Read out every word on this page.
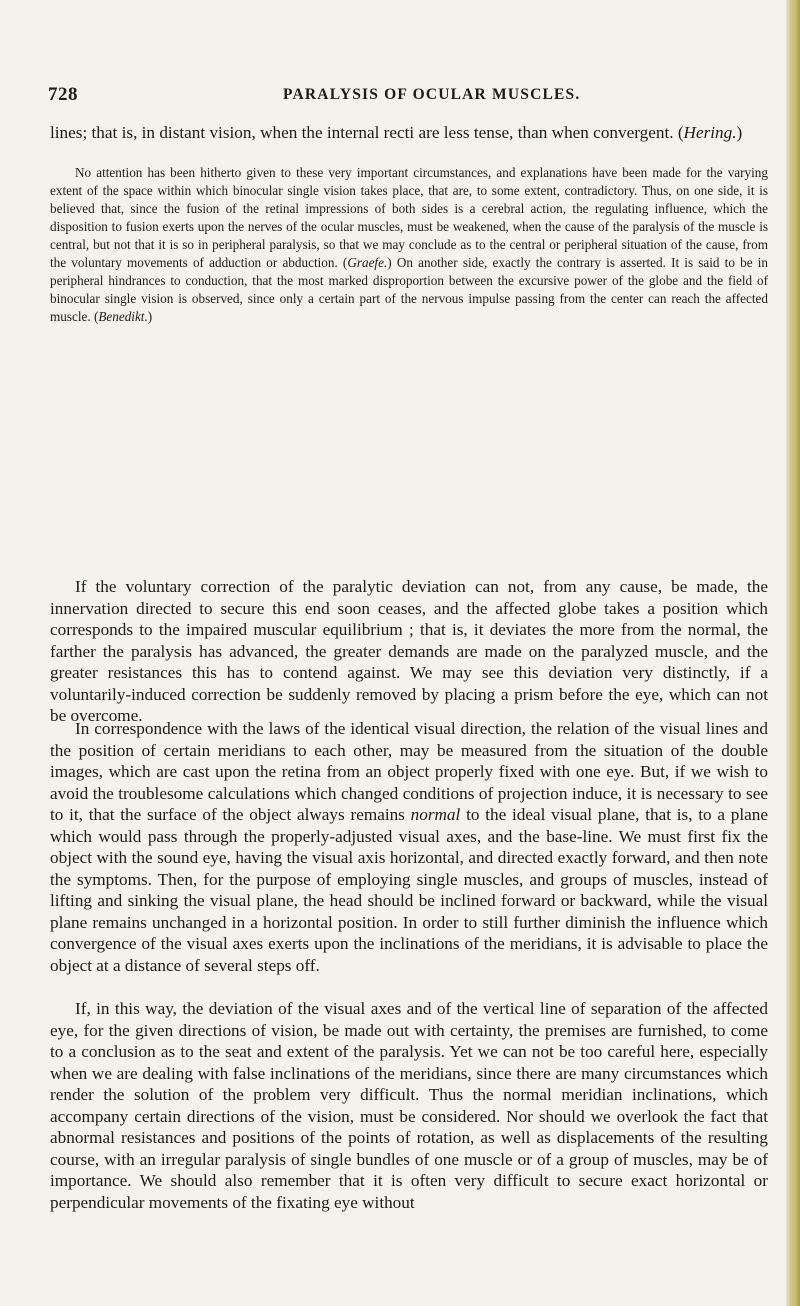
728	PARALYSIS OF OCULAR MUSCLES.

lines; that is, in distant vision, when the internal recti are less tense, than when convergent. (Hering.)

No attention has been hitherto given to these very important circumstances, and explanations have been made for the varying extent of the space within which binocular single vision takes place, that are, to some extent, contradictory. Thus, on one side, it is believed that, since the fusion of the retinal impressions of both sides is a cerebral action, the regulating influence, which the disposition to fusion exerts upon the nerves of the ocular muscles, must be weakened, when the cause of the paralysis of the muscle is central, but not that it is so in peripheral paralysis, so that we may conclude as to the central or peripheral situation of the cause, from the voluntary movements of adduction or abduction. (Graefe.) On another side, exactly the contrary is asserted. It is said to be in peripheral hindrances to conduction, that the most marked disproportion between the excursive power of the globe and the field of binocular single vision is observed, since only a certain part of the nervous impulse passing from the center can reach the affected muscle. (Benedikt.)

If the voluntary correction of the paralytic deviation can not, from any cause, be made, the innervation directed to secure this end soon ceases, and the affected globe takes a position which corresponds to the impaired muscular equilibrium ; that is, it deviates the more from the normal, the farther the paralysis has advanced, the greater demands are made on the paralyzed muscle, and the greater resistances this has to contend against. We may see this deviation very distinctly, if a voluntarily-induced correction be suddenly removed by placing a prism before the eye, which can not be overcome.

In correspondence with the laws of the identical visual direction, the relation of the visual lines and the position of certain meridians to each other, may be measured from the situation of the double images, which are cast upon the retina from an object properly fixed with one eye. But, if we wish to avoid the troublesome calculations which changed conditions of projection induce, it is necessary to see to it, that the surface of the object always remains normal to the ideal visual plane, that is, to a plane which would pass through the properly-adjusted visual axes, and the base-line. We must first fix the object with the sound eye, having the visual axis horizontal, and directed exactly forward, and then note the symptoms. Then, for the purpose of employing single muscles, and groups of muscles, instead of lifting and sinking the visual plane, the head should be inclined forward or backward, while the visual plane remains unchanged in a horizontal position. In order to still further diminish the influence which convergence of the visual axes exerts upon the inclinations of the meridians, it is advisable to place the object at a distance of several steps off.

If, in this way, the deviation of the visual axes and of the vertical line of separation of the affected eye, for the given directions of vision, be made out with certainty, the premises are furnished, to come to a conclusion as to the seat and extent of the paralysis. Yet we can not be too careful here, especially when we are dealing with false inclinations of the meridians, since there are many circumstances which render the solution of the problem very difficult. Thus the normal meridian inclinations, which accompany certain directions of the vision, must be considered. Nor should we overlook the fact that abnormal resistances and positions of the points of rotation, as well as displacements of the resulting course, with an irregular paralysis of single bundles of one muscle or of a group of muscles, may be of importance. We should also remember that it is often very difficult to secure exact horizontal or perpendicular movements of the fixating eye without
